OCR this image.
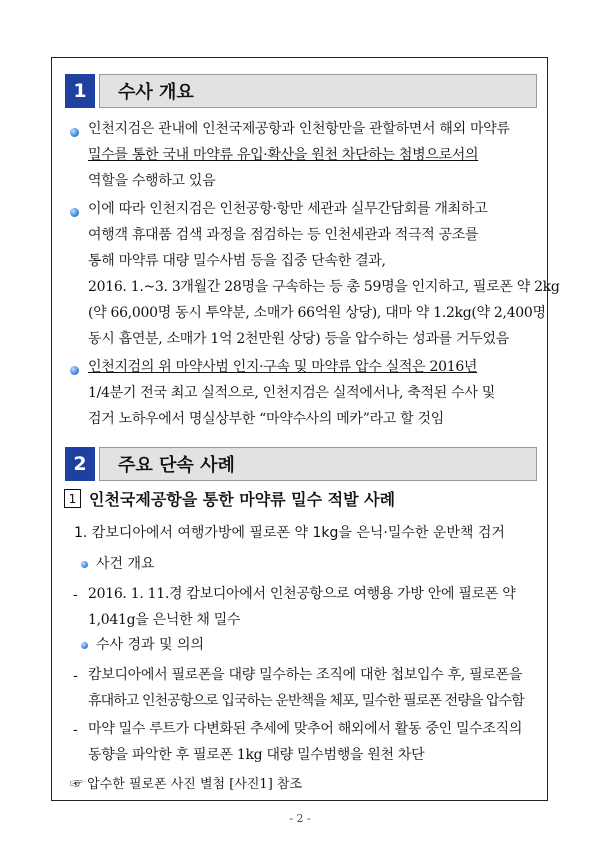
1	수사 개요
인천지검은 관내에 인천국제공항과 인천항만을 관할하면서 해외 마약류
밀수를 통한 국내 마약류 유입·확산을 원천 차단하는 첨병으로서의
역할을 수행하고 있음
이에 따라 인천지검은 인천공항·항만 세관과 실무간담회를 개최하고
여행객 휴대품 검색 과정을 점검하는 등 인천세관과 적극적 공조를
통해 마약류 대량 밀수사범 등을 집중 단속한 결과,
2016. 1.~3. 3개월간 28명을 구속하는 등 총 59명을 인지하고, 필로폰 약 2kg
(약 66,000명 동시 투약분, 소매가 66억원 상당), 대마 약 1.2kg(약 2,400명
동시 흡연분, 소매가 1억 2천만원 상당) 등을 압수하는 성과를 거두었음
인천지검의 위 마약사범 인지·구속 및 마약류 압수 실적은 2016년
1/4분기 전국 최고 실적으로, 인천지검은 실적에서나, 축적된 수사 및
검거 노하우에서 명실상부한 “마약수사의 메카”라고 할 것임
2	주요 단속 사례
1 인천국제공항을 통한 마약류 밀수 적발 사례
1. 캄보디아에서 여행가방에 필로폰 약 1kg을 은닉·밀수한 운반책 검거
사건 개요
- 2016. 1. 11.경 캄보디아에서 인천공항으로 여행용 가방 안에 필로폰 약
1,041g을 은닉한 채 밀수
수사 경과 및 의의
- 캄보디아에서 필로폰을 대량 밀수하는 조직에 대한 첩보입수 후, 필로폰을
휴대하고 인천공항으로 입국하는 운반책을 체포, 밀수한 필로폰 전량을 압수함
- 마약 밀수 루트가 다변화된 추세에 맞추어 해외에서 활동 중인 밀수조직의
동향을 파악한 후 필로폰 1kg 대량 밀수범행을 원천 차단
☞ 압수한 필로폰 사진 별첨 [사진1] 참조
- 2 -
